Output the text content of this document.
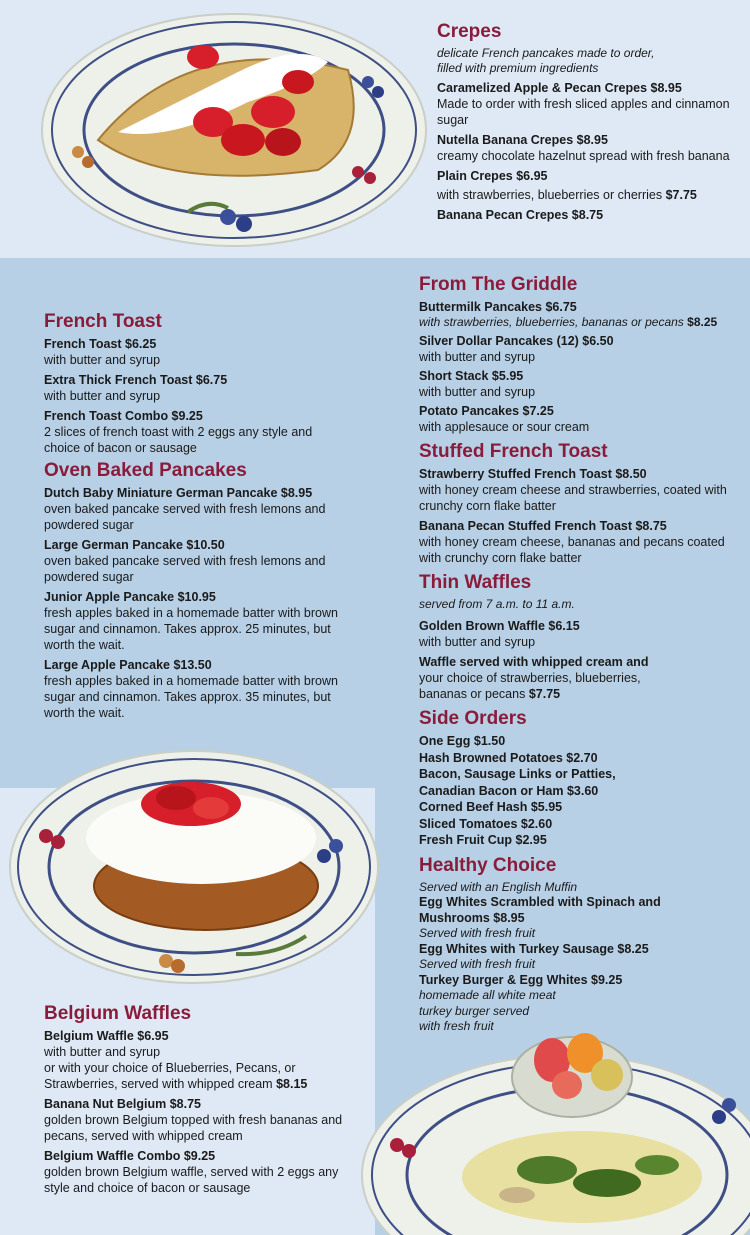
Crepes
delicate French pancakes made to order,
filled with premium ingredients
Caramelized Apple & Pecan Crepes $8.95
Made to order with fresh sliced apples and cinnamon sugar
Nutella Banana Crepes $8.95
creamy chocolate hazelnut spread with fresh banana
Plain Crepes $6.95
with strawberries, blueberries or cherries $7.75
Banana Pecan Crepes $8.75
French Toast
French Toast $6.25
with butter and syrup
Extra Thick French Toast $6.75
with butter and syrup
French Toast Combo $9.25
2 slices of french toast with 2 eggs any style and choice of bacon or sausage
Oven Baked Pancakes
Dutch Baby Miniature German Pancake $8.95
oven baked pancake served with fresh lemons and powdered sugar
Large German Pancake $10.50
oven baked pancake served with fresh lemons and powdered sugar
Junior Apple Pancake $10.95
fresh apples baked in a homemade batter with brown sugar and cinnamon. Takes approx. 25 minutes, but worth the wait.
Large Apple Pancake $13.50
fresh apples baked in a homemade batter with brown sugar and cinnamon. Takes approx. 35 minutes, but worth the wait.
From The Griddle
Buttermilk Pancakes $6.75
with strawberries, blueberries, bananas or pecans $8.25
Silver Dollar Pancakes (12) $6.50
with butter and syrup
Short Stack $5.95
with butter and syrup
Potato Pancakes $7.25
with applesauce or sour cream
Stuffed French Toast
Strawberry Stuffed French Toast $8.50
with honey cream cheese and strawberries, coated with crunchy corn flake batter
Banana Pecan Stuffed French Toast $8.75
with honey cream cheese, bananas and pecans coated with crunchy corn flake batter
Thin Waffles
served from 7 a.m. to 11 a.m.
Golden Brown Waffle $6.15
with butter and syrup
Waffle served with whipped cream and
your choice of strawberries, blueberries,
bananas or pecans $7.75
Side Orders
One Egg $1.50
Hash Browned Potatoes $2.70
Bacon, Sausage Links or Patties,
Canadian Bacon or Ham $3.60
Corned Beef Hash $5.95
Sliced Tomatoes $2.60
Fresh Fruit Cup $2.95
Healthy Choice
Served with an English Muffin
Egg Whites Scrambled with Spinach and
Mushrooms $8.95
Served with fresh fruit
Egg Whites with Turkey Sausage $8.25
Served with fresh fruit
Turkey Burger & Egg Whites $9.25
homemade all white meat
turkey burger served
with fresh fruit
Belgium Waffles
Belgium Waffle $6.95
with butter and syrup
or with your choice of Blueberries, Pecans, or
Strawberries, served with whipped cream $8.15
Banana Nut Belgium $8.75
golden brown Belgium topped with fresh bananas and pecans, served with whipped cream
Belgium Waffle Combo $9.25
golden brown Belgium waffle, served with 2 eggs any style and choice of bacon or sausage
